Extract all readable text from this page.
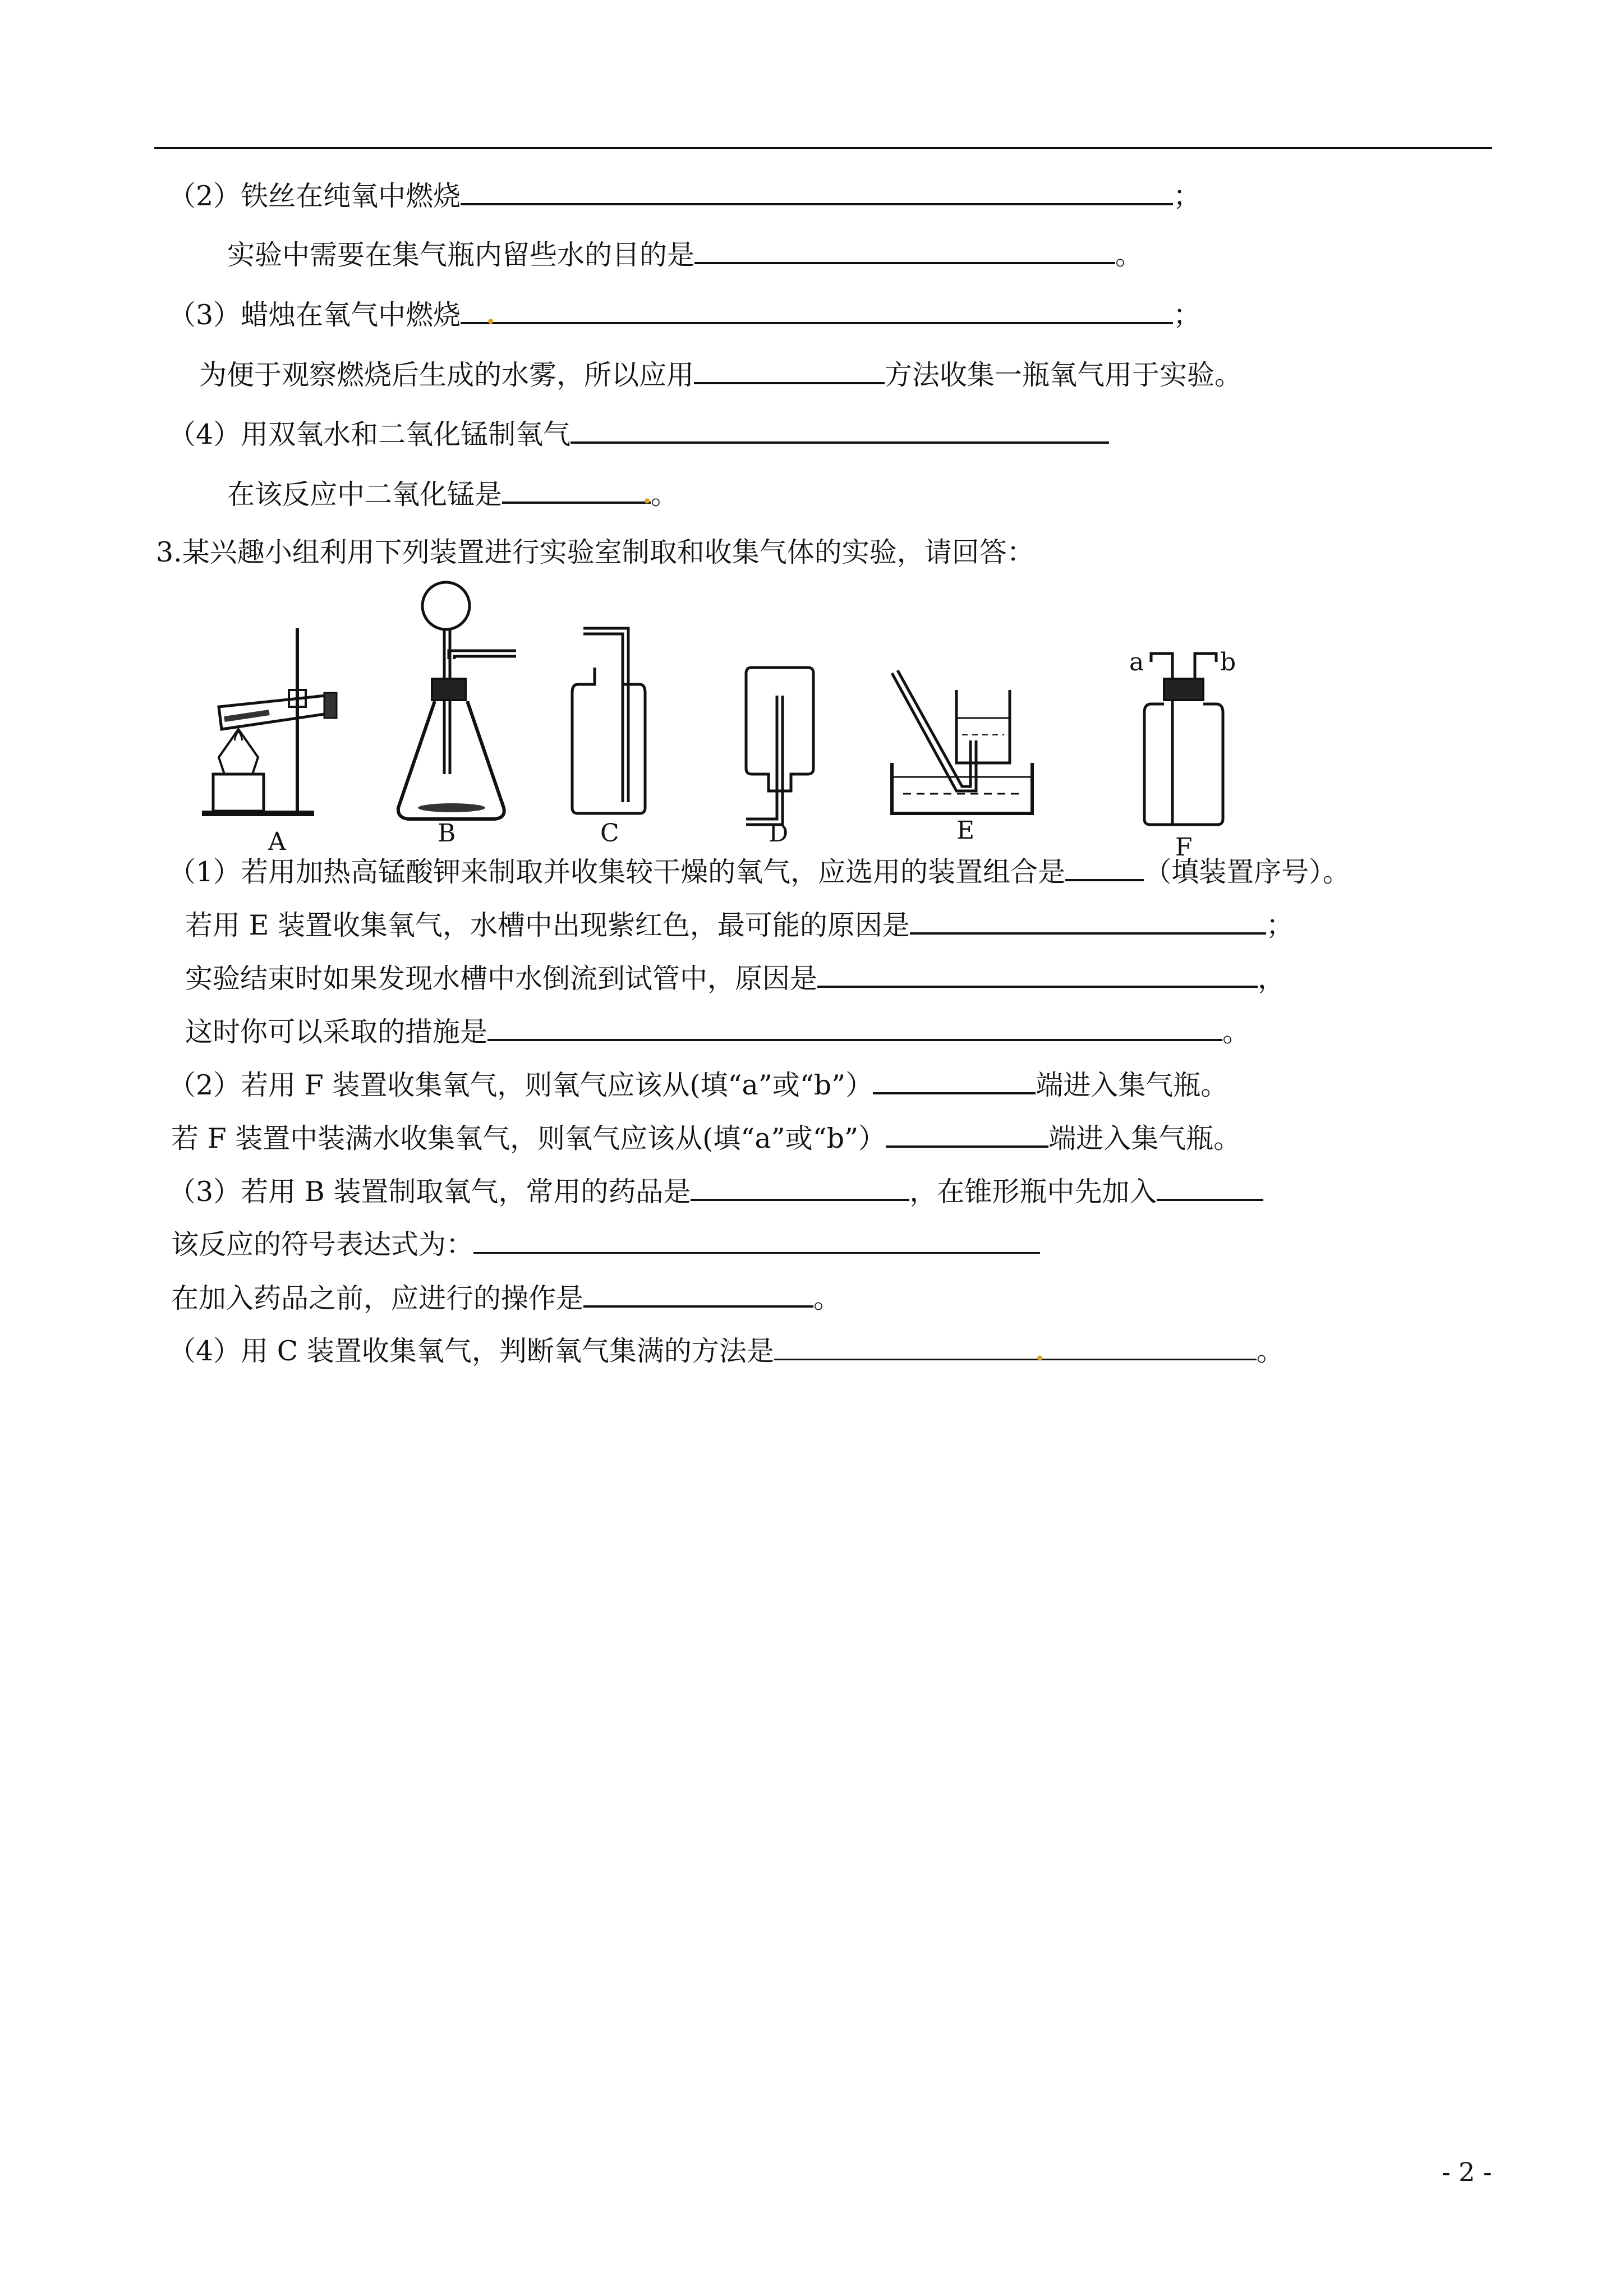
（2）铁丝在纯氧中燃烧	；
实验中需要在集气瓶内留些水的目的是	。
（3）蜡烛在氧气中燃烧 .	；
为便于观察燃烧后生成的水雾，所以应用	方法收集一瓶氧气用于实验。
（4）用双氧水和二氧化锰制氧气
在该反应中二氧化锰是	.
。
3.某兴趣小组利用下列装置进行实验室制取和收集气体的实验，请回答：
a	b
A	B	C	D	E
F
（1）若用加热高锰酸钾来制取并收集较干燥的氧气，应选用的装置组合是	（填装置序号）。
若用 E 装置收集氧气，水槽中出现紫红色，最可能的原因是	；
实验结束时如果发现水槽中水倒流到试管中，原因是	，
这时你可以采取的措施是	。
（2）若用 F 装置收集氧气，则氧气应该从(填“a”或“b”）	端进入集气瓶。
若 F 装置中装满水收集氧气，则氧气应该从(填“a”或“b”）	端进入集气瓶。
（3）若用 B 装置制取氧气，常用的药品是	，在锥形瓶中先加入
该反应的符号表达式为：
在加入药品之前，应进行的操作是	。
（4）用 C 装置收集氧气，判断氧气集满的方法是	.	。
- 2 -
